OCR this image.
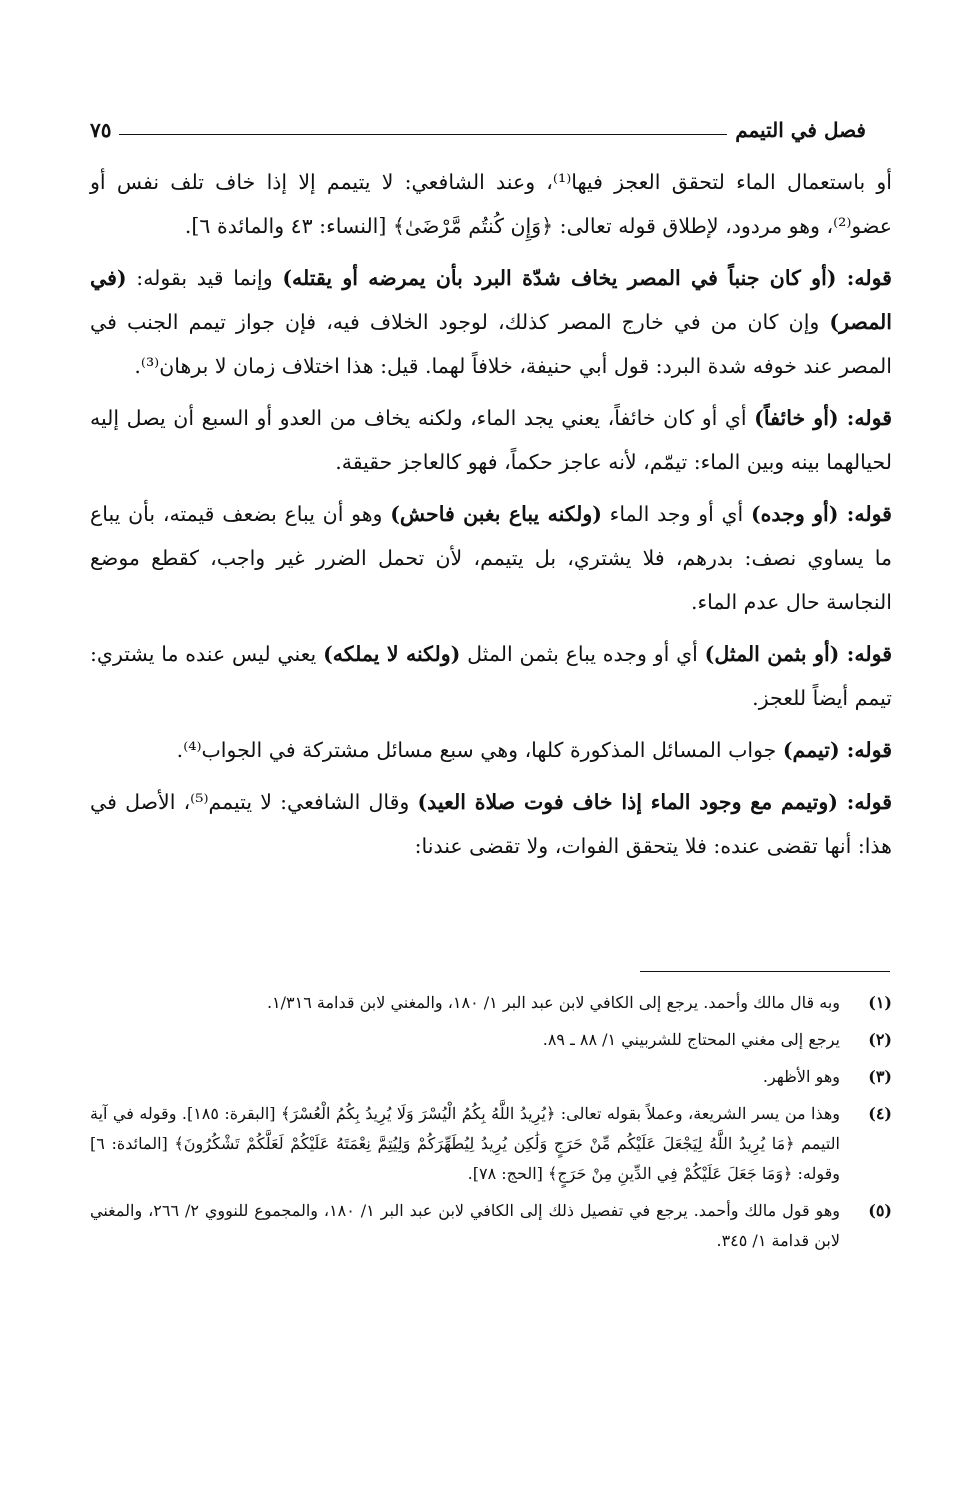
فصل في التيمم
٧٥

أو باستعمال الماء لتحقق العجز فيها⁽¹⁾، وعند الشافعي: لا يتيمم إلا إذا خاف تلف نفس أو عضو⁽²⁾، وهو مردود، لإطلاق قوله تعالى: ﴿وَإِن كُنتُم مَّرْضَىٰ﴾ [النساء: ٤٣ والمائدة ٦].

قوله: (أو كان جنباً في المصر يخاف شدّة البرد بأن يمرضه أو يقتله) وإنما قيد بقوله: (في المصر) وإن كان من في خارج المصر كذلك، لوجود الخلاف فيه، فإن جواز تيمم الجنب في المصر عند خوفه شدة البرد: قول أبي حنيفة، خلافاً لهما. قيل: هذا اختلاف زمان لا برهان⁽³⁾.

قوله: (أو خائفاً) أي أو كان خائفاً، يعني يجد الماء، ولكنه يخاف من العدو أو السبع أن يصل إليه لحيالهما بينه وبين الماء: تيمّم، لأنه عاجز حكماً، فهو كالعاجز حقيقة.

قوله: (أو وجده) أي أو وجد الماء (ولكنه يباع بغبن فاحش) وهو أن يباع بضعف قيمته، بأن يباع ما يساوي نصف: بدرهم، فلا يشتري، بل يتيمم، لأن تحمل الضرر غير واجب، كقطع موضع النجاسة حال عدم الماء.

قوله: (أو بثمن المثل) أي أو وجده يباع بثمن المثل (ولكنه لا يملكه) يعني ليس عنده ما يشتري: تيمم أيضاً للعجز.

قوله: (تيمم) جواب المسائل المذكورة كلها، وهي سبع مسائل مشتركة في الجواب⁽⁴⁾.

قوله: (وتيمم مع وجود الماء إذا خاف فوت صلاة العيد) وقال الشافعي: لا يتيمم⁽⁵⁾، الأصل في هذا: أنها تقضى عنده: فلا يتحقق الفوات، ولا تقضى عندنا:

(١)
وبه قال مالك وأحمد. يرجع إلى الكافي لابن عبد البر ١/ ١٨٠، والمغني لابن قدامة ١/٣١٦.
(٢)
يرجع إلى مغني المحتاج للشربيني ١/ ٨٨ ـ ٨٩.
(٣)
وهو الأظهر.
(٤)
وهذا من يسر الشريعة، وعملاً بقوله تعالى: ﴿يُرِيدُ اللَّهُ بِكُمُ الْيُسْرَ وَلَا يُرِيدُ بِكُمُ الْعُسْرَ﴾ [البقرة: ١٨٥]. وقوله في آية التيمم ﴿مَا يُرِيدُ اللَّهُ لِيَجْعَلَ عَلَيْكُم مِّنْ حَرَجٍ وَلَٰكِن يُرِيدُ لِيُطَهِّرَكُمْ وَلِيُتِمَّ نِعْمَتَهُ عَلَيْكُمْ لَعَلَّكُمْ تَشْكُرُونَ﴾ [المائدة: ٦] وقوله: ﴿وَمَا جَعَلَ عَلَيْكُمْ فِي الدِّينِ مِنْ حَرَجٍ﴾ [الحج: ٧٨].
(٥)
وهو قول مالك وأحمد. يرجع في تفصيل ذلك إلى الكافي لابن عبد البر ١/ ١٨٠، والمجموع للنووي ٢/ ٢٦٦، والمغني لابن قدامة ١/ ٣٤٥.
